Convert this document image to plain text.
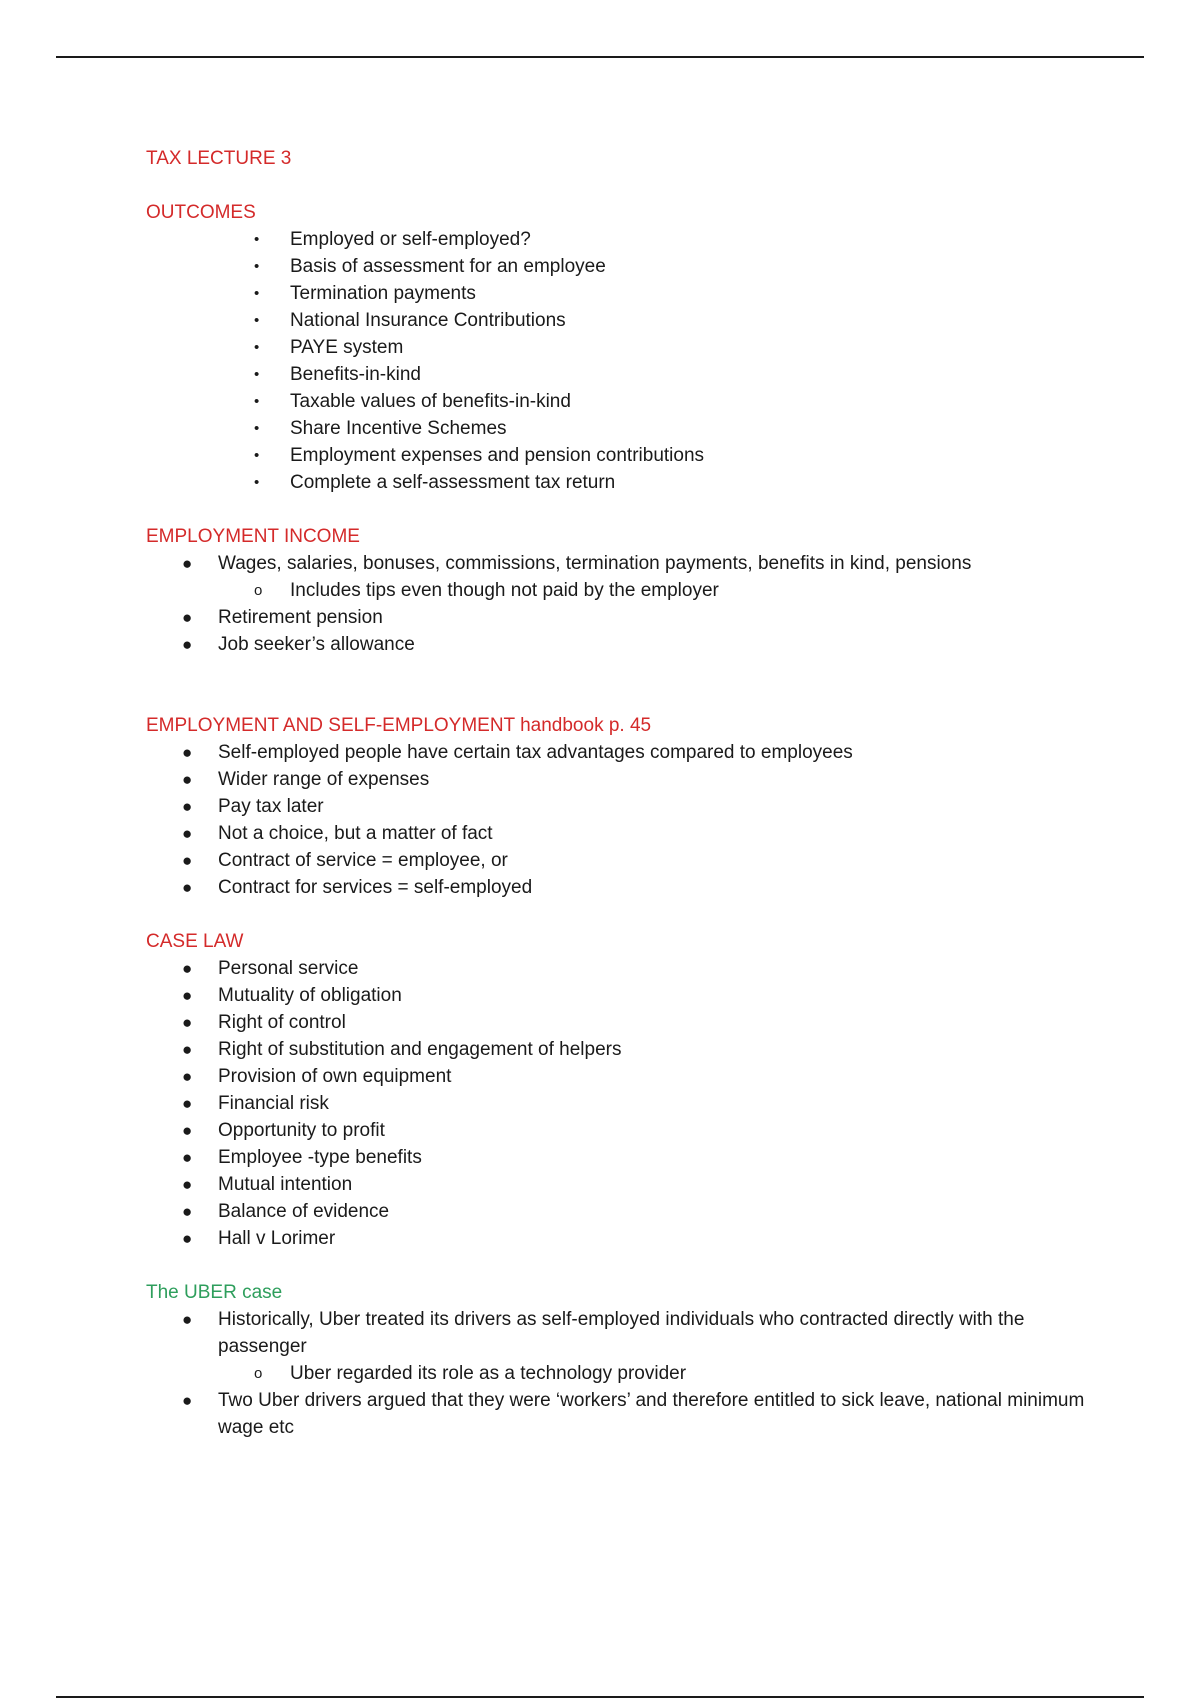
TAX LECTURE 3

OUTCOMES

• Employed or self-employed?
• Basis of assessment for an employee
• Termination payments
• National Insurance Contributions
• PAYE system
• Benefits-in-kind
• Taxable values of benefits-in-kind
• Share Incentive Schemes
• Employment expenses and pension contributions
• Complete a self-assessment tax return

EMPLOYMENT INCOME

● Wages, salaries, bonuses, commissions, termination payments, benefits in kind, pensions
o Includes tips even though not paid by the employer
● Retirement pension
● Job seeker’s allowance

EMPLOYMENT AND SELF-EMPLOYMENT handbook p. 45

● Self-employed people have certain tax advantages compared to employees
● Wider range of expenses
● Pay tax later
● Not a choice, but a matter of fact
● Contract of service = employee, or
● Contract for services = self-employed

CASE LAW

● Personal service
● Mutuality of obligation
● Right of control
● Right of substitution and engagement of helpers
● Provision of own equipment
● Financial risk
● Opportunity to profit
● Employee -type benefits
● Mutual intention
● Balance of evidence
● Hall v Lorimer

The UBER case

● Historically, Uber treated its drivers as self-employed individuals who contracted directly with the passenger
o Uber regarded its role as a technology provider
● Two Uber drivers argued that they were ‘workers’ and therefore entitled to sick leave, national minimum wage etc
